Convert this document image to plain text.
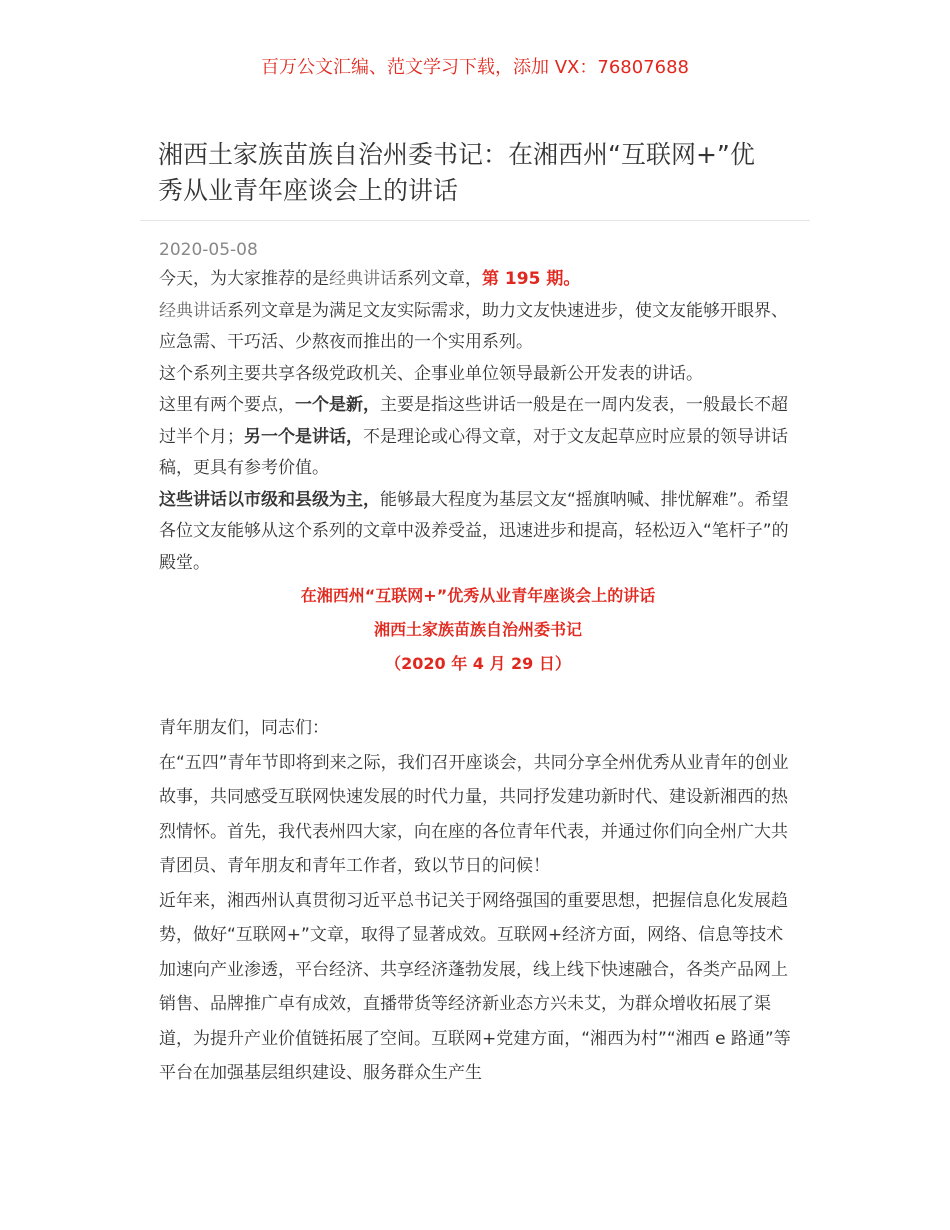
百万公文汇编、范文学习下载，添加 VX：76807688
湘西土家族苗族自治州委书记：在湘西州“互联网+”优秀从业青年座谈会上的讲话
2020-05-08

今天，为大家推荐的是经典讲话系列文章，第 195 期。

经典讲话系列文章是为满足文友实际需求，助力文友快速进步，使文友能够开眼界、应急需、干巧活、少熬夜而推出的一个实用系列。

这个系列主要共享各级党政机关、企事业单位领导最新公开发表的讲话。

这里有两个要点，一个是新，主要是指这些讲话一般是在一周内发表，一般最长不超过半个月；另一个是讲话，不是理论或心得文章，对于文友起草应时应景的领导讲话稿，更具有参考价值。

这些讲话以市级和县级为主，能够最大程度为基层文友“摇旗呐喊、排忧解难”。希望各位文友能够从这个系列的文章中汲养受益，迅速进步和提高，轻松迈入“笔杆子”的殿堂。

在湘西州“互联网+”优秀从业青年座谈会上的讲话
湘西土家族苗族自治州委书记
（2020 年 4 月 29 日）

青年朋友们，同志们：

在“五四”青年节即将到来之际，我们召开座谈会，共同分享全州优秀从业青年的创业故事，共同感受互联网快速发展的时代力量，共同抒发建功新时代、建设新湘西的热烈情怀。首先，我代表州四大家，向在座的各位青年代表，并通过你们向全州广大共青团员、青年朋友和青年工作者，致以节日的问候！

近年来，湘西州认真贯彻习近平总书记关于网络强国的重要思想，把握信息化发展趋势，做好“互联网+”文章，取得了显著成效。互联网+经济方面，网络、信息等技术加速向产业渗透，平台经济、共享经济蓬勃发展，线上线下快速融合，各类产品网上销售、品牌推广卓有成效，直播带货等经济新业态方兴未艾，为群众增收拓展了渠道，为提升产业价值链拓展了空间。互联网+党建方面，“湘西为村”“湘西 e 路通”等平台在加强基层组织建设、服务群众生产生
